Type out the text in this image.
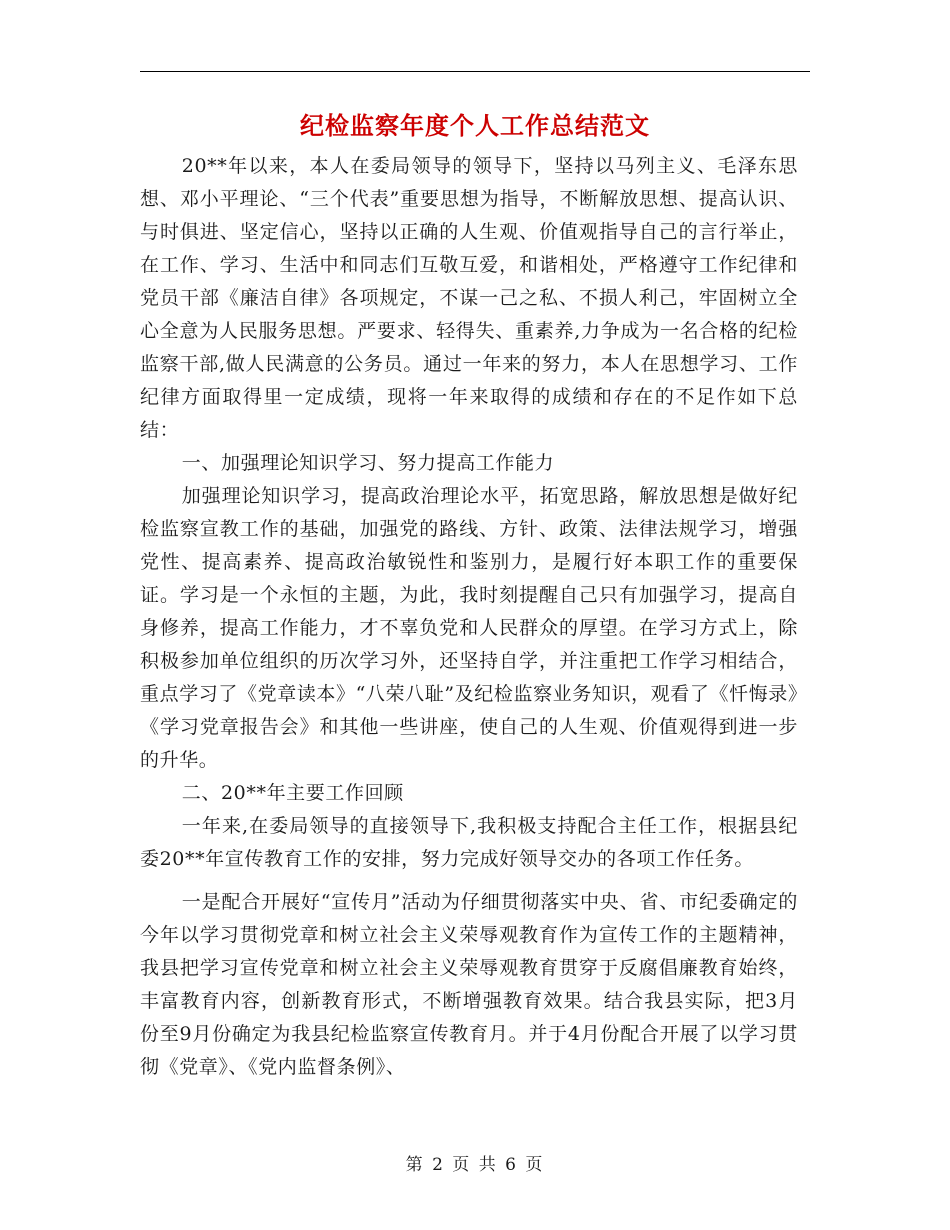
纪检监察年度个人工作总结范文

20**年以来，本人在委局领导的领导下，坚持以马列主义、毛泽东思想、邓小平理论、“三个代表”重要思想为指导，不断解放思想、提高认识、与时俱进、坚定信心，坚持以正确的人生观、价值观指导自己的言行举止，在工作、学习、生活中和同志们互敬互爱，和谐相处，严格遵守工作纪律和党员干部《廉洁自律》各项规定，不谋一己之私、不损人利己，牢固树立全心全意为人民服务思想。严要求、轻得失、重素养,力争成为一名合格的纪检监察干部,做人民满意的公务员。通过一年来的努力，本人在思想学习、工作纪律方面取得里一定成绩，现将一年来取得的成绩和存在的不足作如下总结：

一、加强理论知识学习、努力提高工作能力

加强理论知识学习，提高政治理论水平，拓宽思路，解放思想是做好纪检监察宣教工作的基础，加强党的路线、方针、政策、法律法规学习，增强党性、提高素养、提高政治敏锐性和鉴别力，是履行好本职工作的重要保证。学习是一个永恒的主题，为此，我时刻提醒自己只有加强学习，提高自身修养，提高工作能力，才不辜负党和人民群众的厚望。在学习方式上，除积极参加单位组织的历次学习外，还坚持自学，并注重把工作学习相结合，重点学习了《党章读本》“八荣八耻”及纪检监察业务知识，观看了《忏悔录》《学习党章报告会》和其他一些讲座，使自己的人生观、价值观得到进一步的升华。

二、20**年主要工作回顾

一年来,在委局领导的直接领导下,我积极支持配合主任工作，根据县纪委20**年宣传教育工作的安排，努力完成好领导交办的各项工作任务。

一是配合开展好“宣传月”活动为仔细贯彻落实中央、省、市纪委确定的今年以学习贯彻党章和树立社会主义荣辱观教育作为宣传工作的主题精神，我县把学习宣传党章和树立社会主义荣辱观教育贯穿于反腐倡廉教育始终，丰富教育内容，创新教育形式，不断增强教育效果。结合我县实际，把3月份至9月份确定为我县纪检监察宣传教育月。并于4月份配合开展了以学习贯彻《党章》、《党内监督条例》、

第 2 页 共 6 页
